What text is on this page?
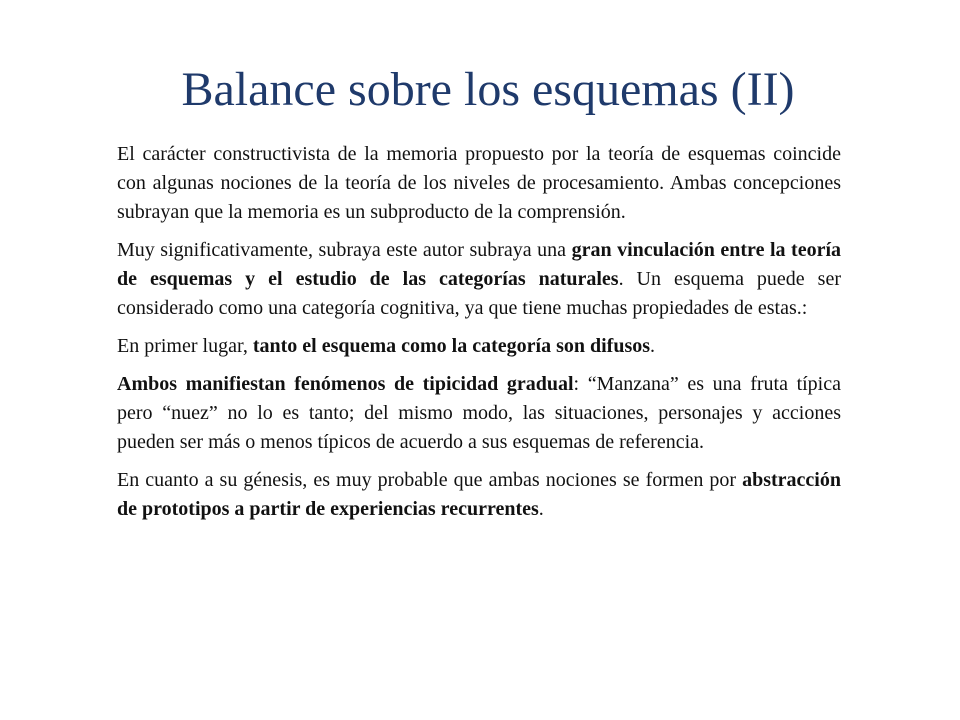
Balance sobre los esquemas (II)

El carácter constructivista de la memoria propuesto por la teoría de esquemas coincide con algunas nociones de la teoría de los niveles de procesamiento. Ambas concepciones subrayan que la memoria es un subproducto de la comprensión.

Muy significativamente, subraya este autor subraya una gran vinculación entre la teoría de esquemas y el estudio de las categorías naturales. Un esquema puede ser considerado como una categoría cognitiva, ya que tiene muchas propiedades de estas.:

En primer lugar, tanto el esquema como la categoría son difusos.

Ambos manifiestan fenómenos de tipicidad gradual: “Manzana” es una fruta típica pero “nuez” no lo es tanto; del mismo modo, las situaciones, personajes y acciones pueden ser más o menos típicos de acuerdo a sus esquemas de referencia.

En cuanto a su génesis, es muy probable que ambas nociones se formen por abstracción de prototipos a partir de experiencias recurrentes.
